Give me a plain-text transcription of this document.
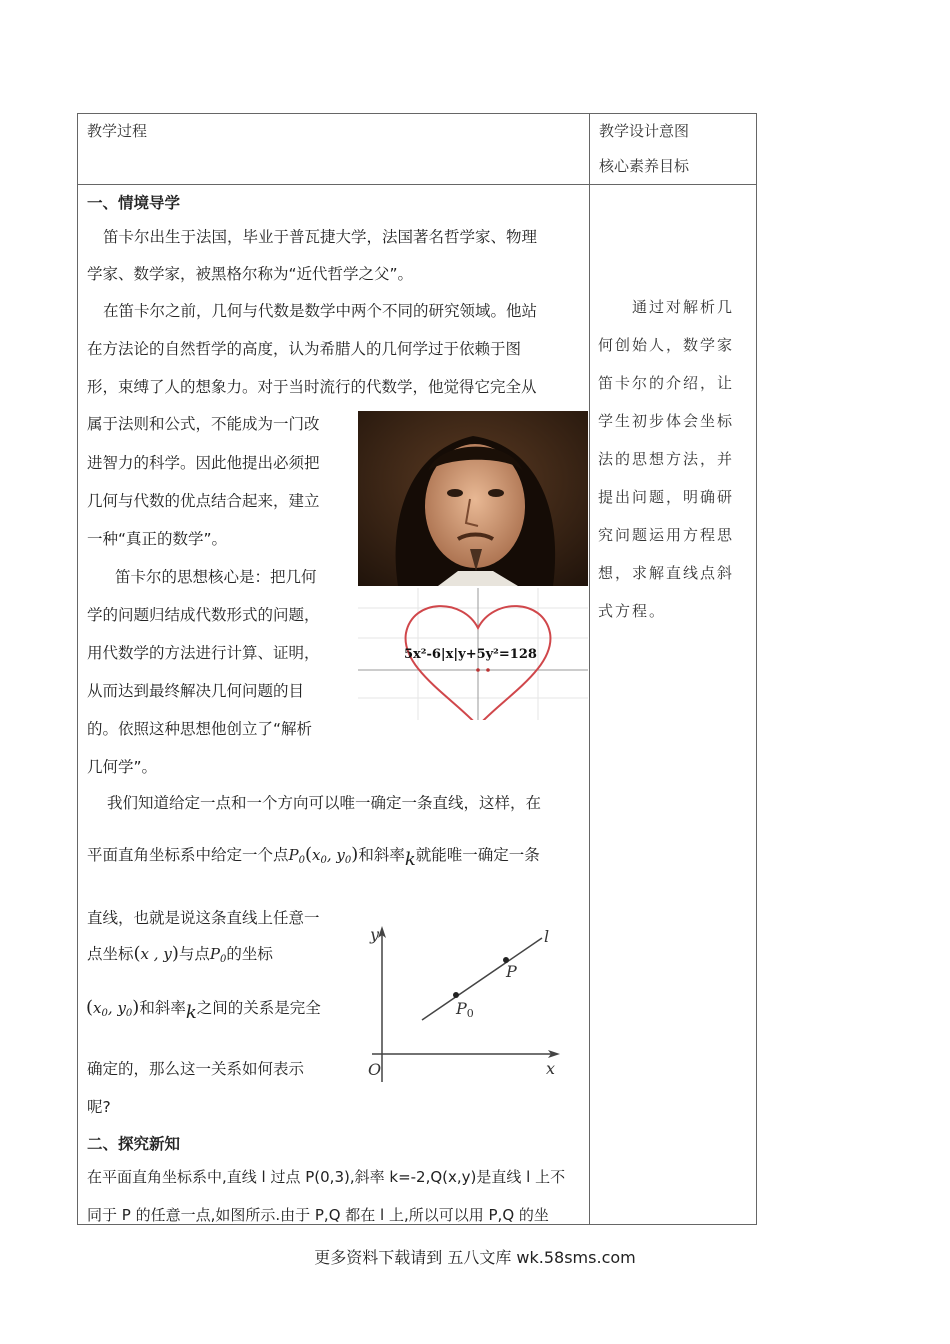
教学过程	教学设计意图
核心素养目标
一、情境导学
笛卡尔出生于法国，毕业于普瓦捷大学，法国著名哲学家、物理
学家、数学家，被黑格尔称为“近代哲学之父”。
在笛卡尔之前，几何与代数是数学中两个不同的研究领域。他站
在方法论的自然哲学的高度，认为希腊人的几何学过于依赖于图
形，束缚了人的想象力。对于当时流行的代数学，他觉得它完全从
属于法则和公式，不能成为一门改
进智力的科学。因此他提出必须把
几何与代数的优点结合起来，建立
一种“真正的数学”。
笛卡尔的思想核心是：把几何
学的问题归结成代数形式的问题，
用代数学的方法进行计算、证明，
从而达到最终解决几何问题的目
的。依照这种思想他创立了“解析
几何学”。
我们知道给定一点和一个方向可以唯一确定一条直线，这样，在
平面直角坐标系中给定一个点$P_0(x_0$, $y_0$)和斜率k就能唯一确定一条
直线，也就是说这条直线上任意一
点坐标(x , y)与点$P_0$的坐标
($x_0$, $y_0$)和斜率k之间的关系是完全
确定的，那么这一关系如何表示
呢?
二、探究新知
在平面直角坐标系中,直线 l 过点 P(0,3),斜率 k=-2,Q(x,y)是直线 l 上不
同于 P 的任意一点,如图所示.由于 P,Q 都在 l 上,所以可以用 P,Q 的坐
5x²-6|x|y+5y²=128
y
x
O
l
P
P0
通过对解析几
何创始人，数学家
笛卡尔的介绍，让
学生初步体会坐标
法的思想方法，并
提出问题，明确研
究问题运用方程思
想，求解直线点斜
式方程。
更多资料下载请到 五八文库 wk.58sms.com
